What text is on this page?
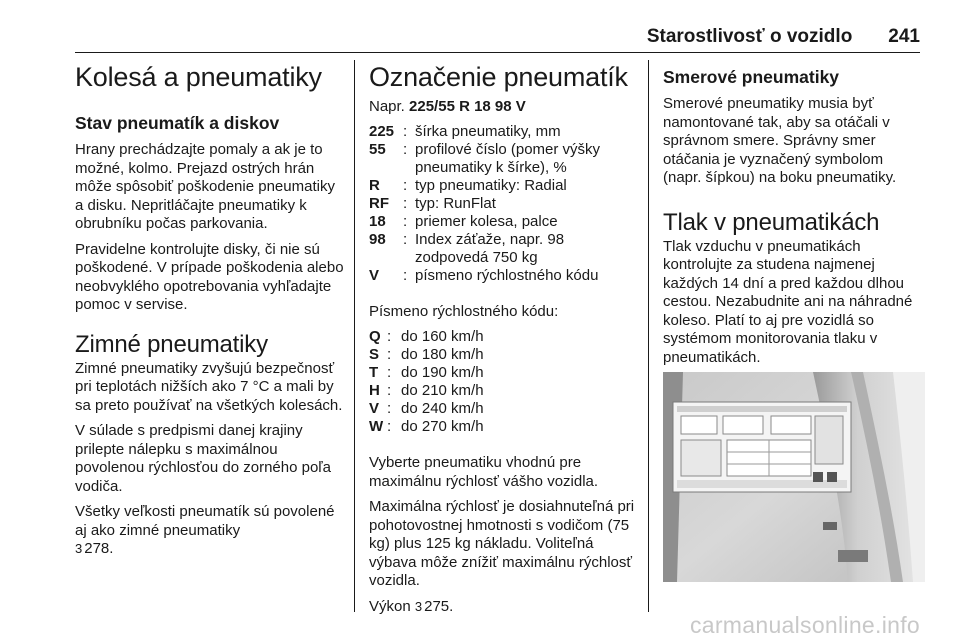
Starostlivosť o vozidlo 241
Kolesá a pneumatiky
Stav pneumatík a diskov

Hrany prechádzajte pomaly a ak je to možné, kolmo. Prejazd ostrých hrán môže spôsobiť poškodenie pneumatiky a disku. Nepritláčajte pneumatiky k obrubníku počas parkovania.

Pravidelne kontrolujte disky, či nie sú poškodené. V prípade poškodenia alebo neobvyklého opotrebovania vyhľadajte pomoc v servise.

Zimné pneumatiky

Zimné pneumatiky zvyšujú bezpečnosť pri teplotách nižších ako 7 °C a mali by sa preto používať na všetkých kolesách.

V súlade s predpismi danej krajiny prilepte nálepku s maximálnou povolenou rýchlosťou do zorného poľa vodiča.

Všetky veľkosti pneumatík sú povolené aj ako zimné pneumatiky
3 278.

Označenie pneumatík

Napr. 225/55 R 18 98 V

225 : šírka pneumatiky, mm
55	: profilové číslo (pomer výšky pneumatiky k šírke), %
R	: typ pneumatiky: Radial
RF : typ: RunFlat
18	: priemer kolesa, palce
98	: Index záťaže, napr. 98 zodpovedá 750 kg
V	: písmeno rýchlostného kódu

Písmeno rýchlostného kódu:

Q : do 160 km/h
S : do 180 km/h
T : do 190 km/h
H : do 210 km/h
V : do 240 km/h
W : do 270 km/h

Vyberte pneumatiku vhodnú pre maximálnu rýchlosť vášho vozidla.

Maximálna rýchlosť je dosiahnuteľná pri pohotovostnej hmotnosti s vodičom (75 kg) plus 125 kg nákladu. Voliteľná výbava môže znížiť maximálnu rýchlosť vozidla.

Výkon 3 275.

Smerové pneumatiky

Smerové pneumatiky musia byť namontované tak, aby sa otáčali v správnom smere. Správny smer otáčania je vyznačený symbolom (napr. šípkou) na boku pneumatiky.

Tlak v pneumatikách

Tlak vzduchu v pneumatikách kontrolujte za studena najmenej každých 14 dní a pred každou dlhou cestou. Nezabudnite ani na náhradné koleso. Platí to aj pre vozidlá so systémom monitorovania tlaku v pneumatikách.

carmanualsonline.info
